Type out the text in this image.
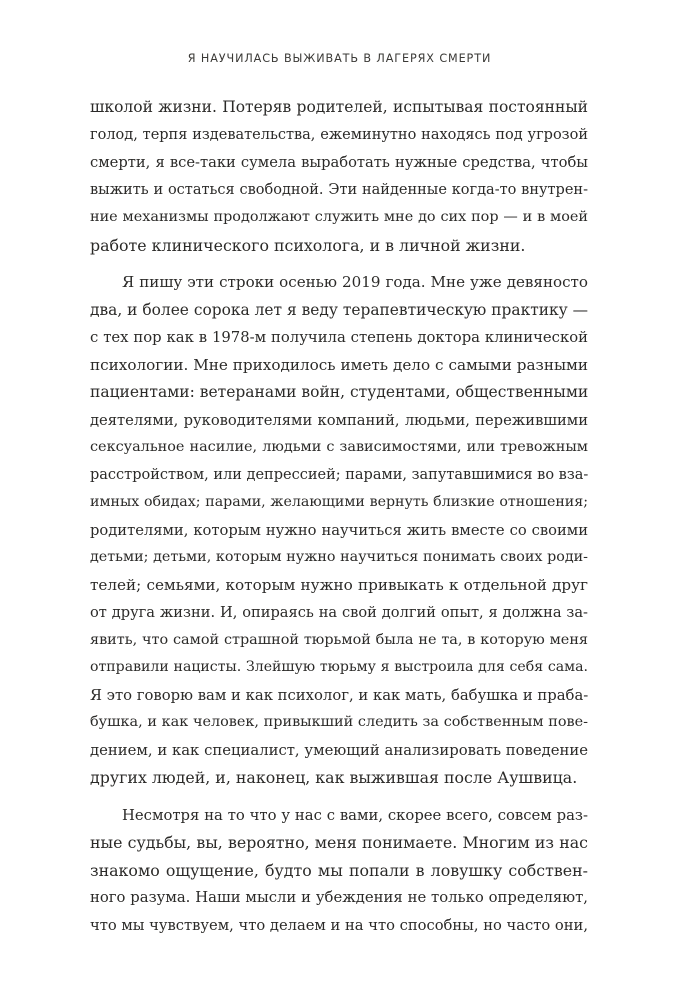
Я НАУЧИЛАСЬ ВЫЖИВАТЬ В ЛАГЕРЯХ СМЕРТИ
школой жизни. Потеряв родителей, испытывая постоянный
голод, терпя издевательства, ежеминутно находясь под угрозой
смерти, я все-таки сумела выработать нужные средства, чтобы
выжить и остаться свободной. Эти найденные когда-то внутрен-
ние механизмы продолжают служить мне до сих пор — и в моей
работе клинического психолога, и в личной жизни.
Я пишу эти строки осенью 2019 года. Мне уже девяносто
два, и более сорока лет я веду терапевтическую практику —
с тех пор как в 1978-м получила степень доктора клинической
психологии. Мне приходилось иметь дело с самыми разными
пациентами: ветеранами войн, студентами, общественными
деятелями, руководителями компаний, людьми, пережившими
сексуальное насилие, людьми с зависимостями, или тревожным
расстройством, или депрессией; парами, запутавшимися во вза-
имных обидах; парами, желающими вернуть близкие отношения;
родителями, которым нужно научиться жить вместе со своими
детьми; детьми, которым нужно научиться понимать своих роди-
телей; семьями, которым нужно привыкать к отдельной друг
от друга жизни. И, опираясь на свой долгий опыт, я должна за-
явить, что самой страшной тюрьмой была не та, в которую меня
отправили нацисты. Злейшую тюрьму я выстроила для себя сама.
Я это говорю вам и как психолог, и как мать, бабушка и праба-
бушка, и как человек, привыкший следить за собственным пове-
дением, и как специалист, умеющий анализировать поведение
других людей, и, наконец, как выжившая после Аушвица.
Несмотря на то что у нас с вами, скорее всего, совсем раз-
ные судьбы, вы, вероятно, меня понимаете. Многим из нас
знакомо ощущение, будто мы попали в ловушку собствен-
ного разума. Наши мысли и убеждения не только определяют,
что мы чувствуем, что делаем и на что способны, но часто они,
